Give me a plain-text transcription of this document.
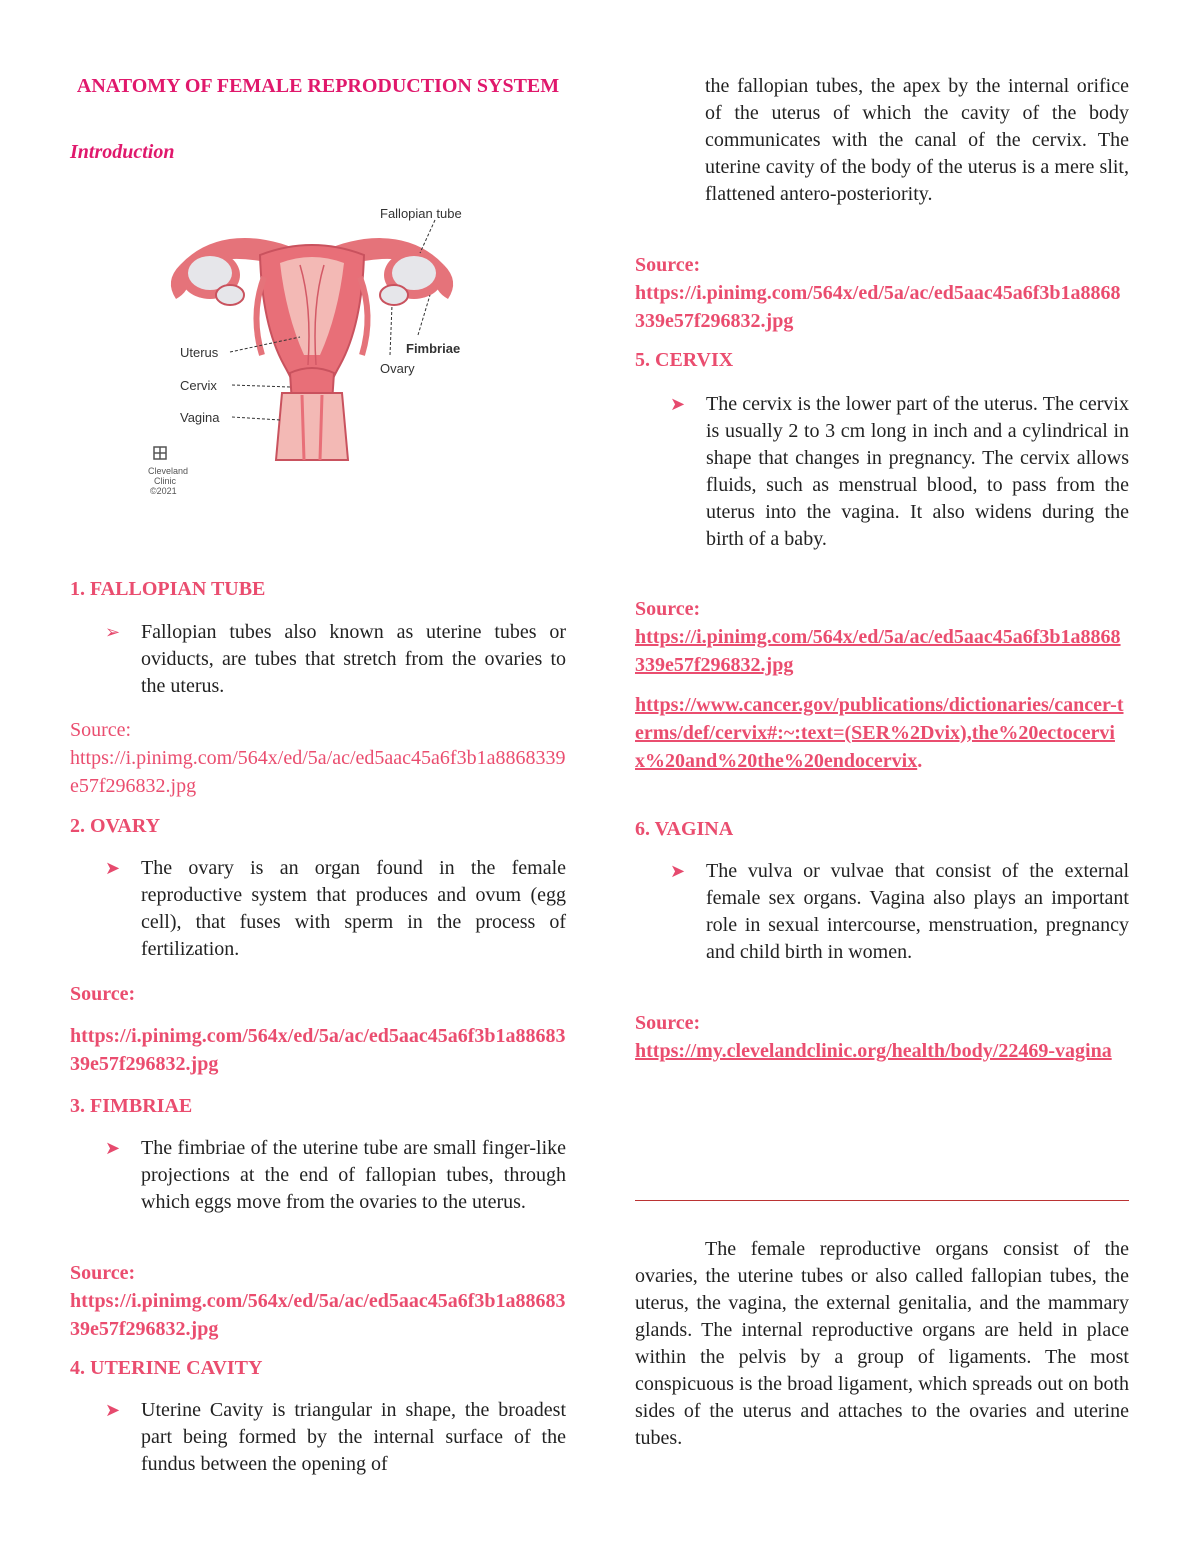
ANATOMY OF FEMALE REPRODUCTION SYSTEM
Introduction
Fallopian tube
Uterus
Cervix
Vagina
Fimbriae
Ovary
Cleveland
Clinic
©2021
1. FALLOPIAN TUBE
➢	Fallopian tubes also known as uterine tubes or oviducts, are tubes that stretch from the ovaries to the uterus.
Source:
https://i.pinimg.com/564x/ed/5a/ac/ed5aac45a6f3b1a8868339e57f296832.jpg
2. OVARY
➤	The ovary is an organ found in the female reproductive system that produces and ovum (egg cell), that fuses with sperm in the process of fertilization.
Source:
https://i.pinimg.com/564x/ed/5a/ac/ed5aac45a6f3b1a8868339e57f296832.jpg
3. FIMBRIAE
➤	The fimbriae of the uterine tube are small finger-like projections at the end of fallopian tubes, through which eggs move from the ovaries to the uterus.
Source:
https://i.pinimg.com/564x/ed/5a/ac/ed5aac45a6f3b1a8868339e57f296832.jpg
4. UTERINE CAVITY
➤	Uterine Cavity is triangular in shape, the broadest part being formed by the internal surface of the fundus between the opening of
the fallopian tubes, the apex by the internal orifice of the uterus of which the cavity of the body communicates with the canal of the cervix. The uterine cavity of the body of the uterus is a mere slit, flattened antero-posteriority.
Source:
https://i.pinimg.com/564x/ed/5a/ac/ed5aac45a6f3b1a8868339e57f296832.jpg
5. CERVIX
➤	The cervix is the lower part of the uterus. The cervix is usually 2 to 3 cm long in inch and a cylindrical in shape that changes in pregnancy. The cervix allows fluids, such as menstrual blood, to pass from the uterus into the vagina. It also widens during the birth of a baby.
Source:
https://i.pinimg.com/564x/ed/5a/ac/ed5aac45a6f3b1a8868339e57f296832.jpg
https://www.cancer.gov/publications/dictionaries/cancer-terms/def/cervix#:~:text=(SER%2Dvix),the%20ectocervix%20and%20the%20endocervix.
6. VAGINA
➤	The vulva or vulvae that consist of the external female sex organs. Vagina also plays an important role in sexual intercourse, menstruation, pregnancy and child birth in women.
Source:
https://my.clevelandclinic.org/health/body/22469-vagina
The female reproductive organs consist of the ovaries, the uterine tubes or also called fallopian tubes, the uterus, the vagina, the external genitalia, and the mammary glands. The internal reproductive organs are held in place within the pelvis by a group of ligaments. The most conspicuous is the broad ligament, which spreads out on both sides of the uterus and attaches to the ovaries and uterine tubes.
